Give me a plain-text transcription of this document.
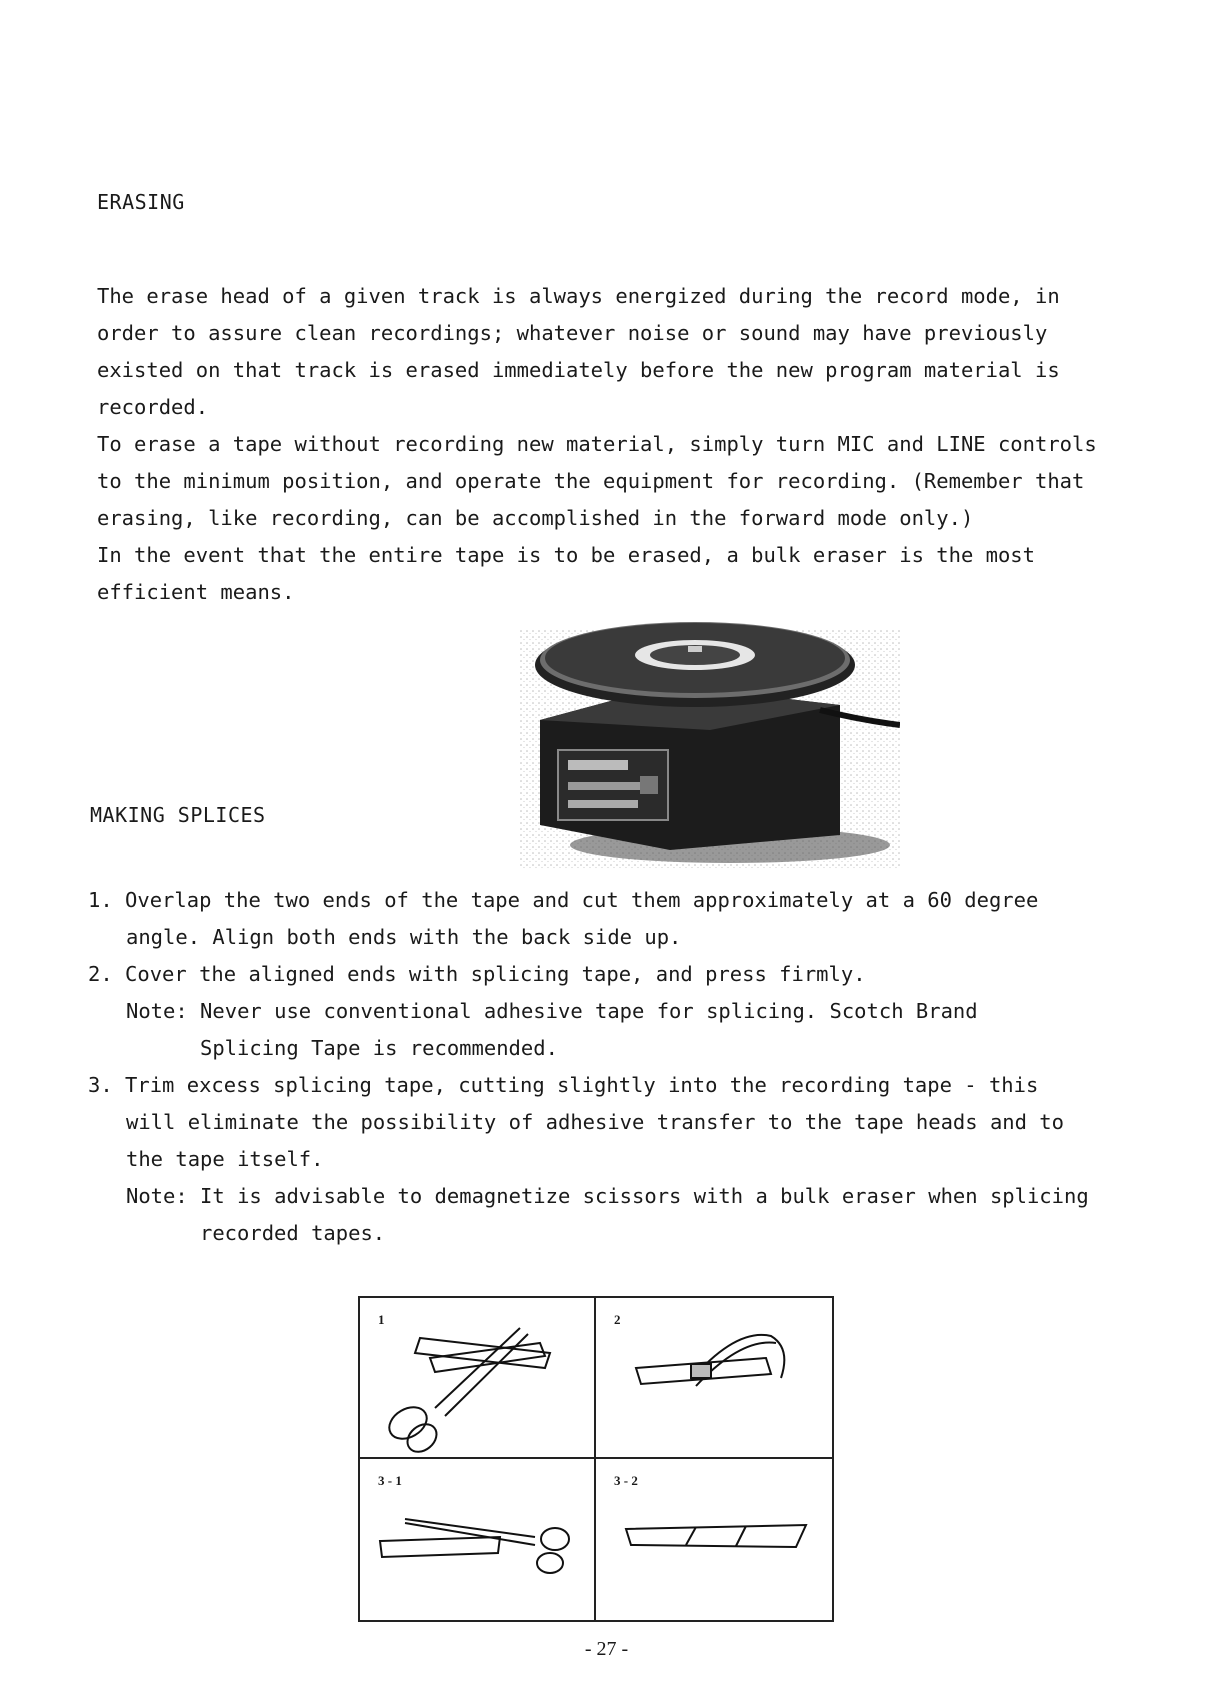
ERASING
The erase head of a given track is always energized during the record mode, in
order to assure clean recordings; whatever noise or sound may have previously
existed on that track is erased immediately before the new program material is
recorded.
To erase a tape without recording new material, simply turn MIC and LINE controls
to the minimum position, and operate the equipment for recording. (Remember that
erasing, like recording, can be accomplished in the forward mode only.)
In the event that the entire tape is to be erased, a bulk eraser is the most
efficient means.
MAKING SPLICES
1. Overlap the two ends of the tape and cut them approximately at a 60 degree
angle. Align both ends with the back side up.
2. Cover the aligned ends with splicing tape, and press firmly.
Note: Never use conventional adhesive tape for splicing. Scotch Brand
Splicing Tape is recommended.
3. Trim excess splicing tape, cutting slightly into the recording tape - this
will eliminate the possibility of adhesive transfer to the tape heads and to
the tape itself.
Note: It is advisable to demagnetize scissors with a bulk eraser when splicing
recorded tapes.
1	2
3 - 1	3 - 2
- 27 -
